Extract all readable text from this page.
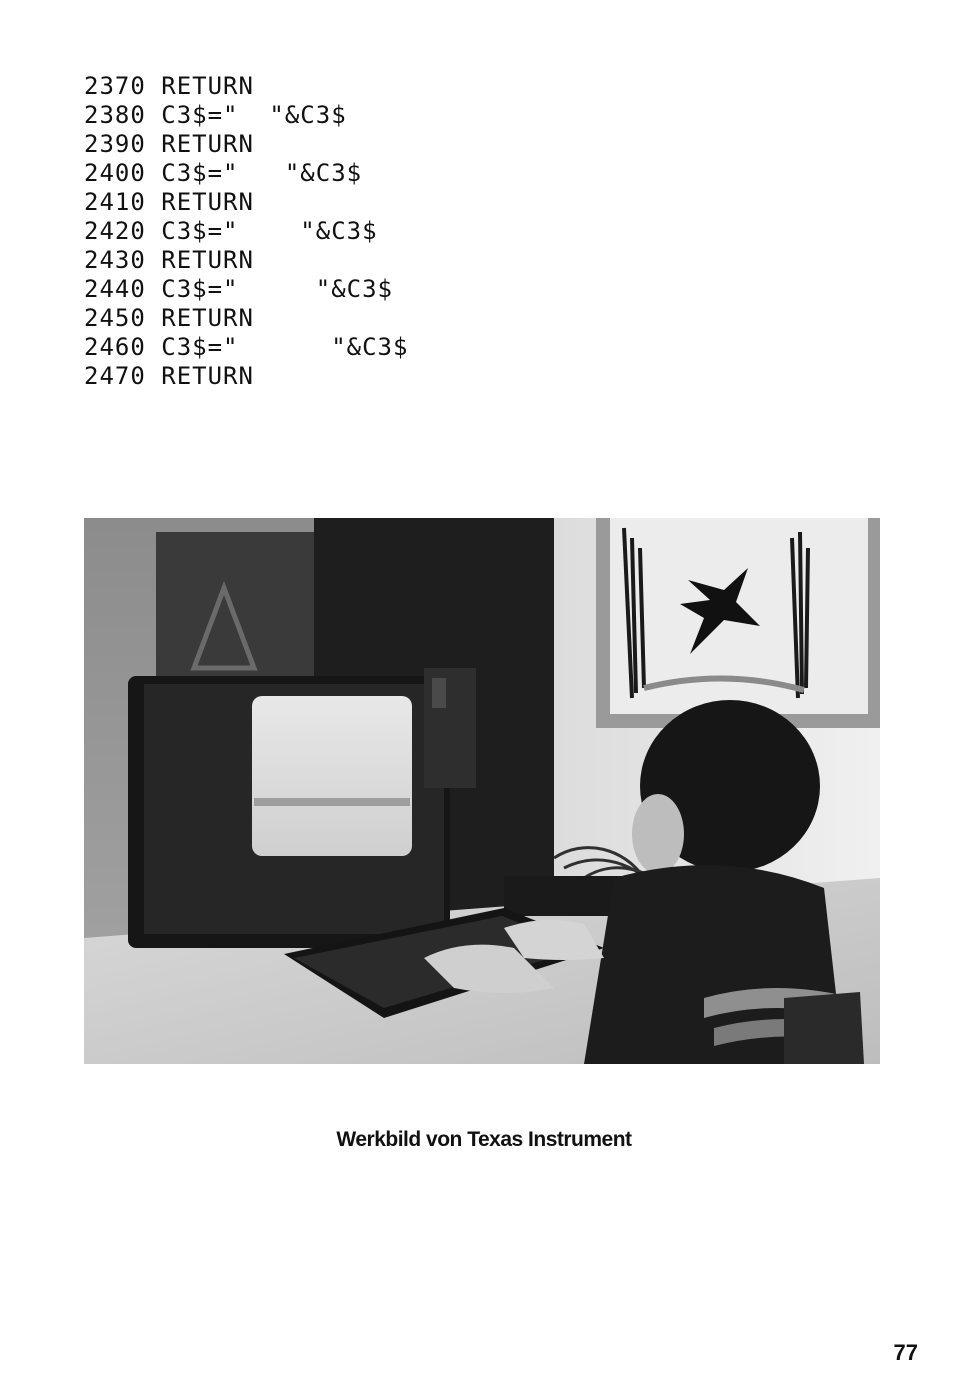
2370 RETURN
2380 C3$="  "&C3$
2390 RETURN
2400 C3$="   "&C3$
2410 RETURN
2420 C3$="    "&C3$
2430 RETURN
2440 C3$="     "&C3$
2450 RETURN
2460 C3$="      "&C3$
2470 RETURN
Werkbild von Texas Instrument
77
